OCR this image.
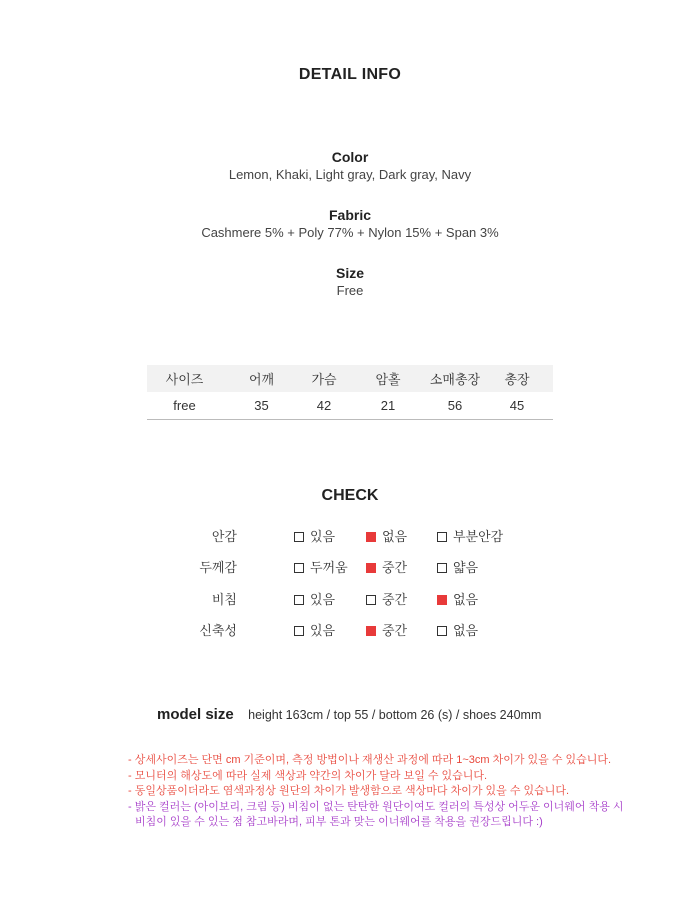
DETAIL INFO
Color
Lemon, Khaki, Light gray, Dark gray, Navy
Fabric
Cashmere 5% + Poly 77% + Nylon 15% + Span 3%
Size
Free
사이즈	어깨	가슴	암홀	소매총장	총장
free	35	42	21	56	45
CHECK
안감	있음	없음	부분안감
두께감	두꺼움	중간	얇음
비침	있음	중간	없음
신축성	있음	중간	없음
model size height 163cm / top 55 / bottom 26 (s) / shoes 240mm
- 상세사이즈는 단면 cm 기준이며, 측정 방법이나 재생산 과정에 따라 1~3cm 차이가 있을 수 있습니다.
- 모니터의 해상도에 따라 실제 색상과 약간의 차이가 달라 보일 수 있습니다.
- 동일상품이더라도 염색과정상 원단의 차이가 발생함으로 색상마다 차이가 있을 수 있습니다.
- 밝은 컬러는 (아이보리, 크림 등) 비침이 없는 탄탄한 원단이여도 컬러의 특성상 어두운 이너웨어 착용 시
비침이 있을 수 있는 점 참고바라며, 피부 톤과 맞는 이너웨어를 착용을 권장드립니다 :)
